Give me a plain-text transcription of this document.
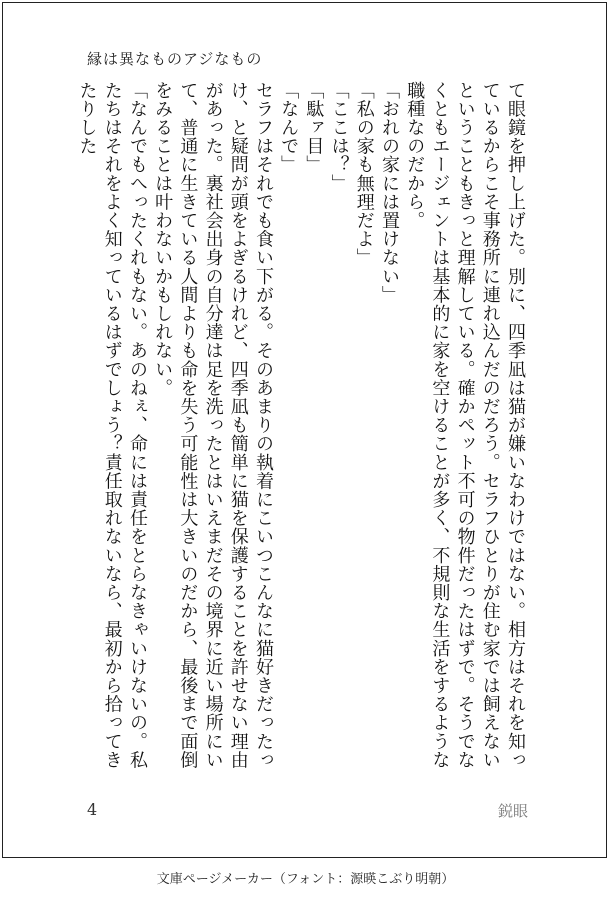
縁は異なものアジなもの

て眼鏡を押し上げた。別に、四季凪は猫が嫌いなわけではない。相方はそれを知っているからこそ事務所に連れ込んだのだろう。セラフひとりが住む家では飼えないということもきっと理解している。確かペット不可の物件だったはずで。そうでなくともエージェントは基本的に家を空けることが多く、不規則な生活をするような職種なのだから。

「おれの家には置けない」

「私の家も無理だよ」

「ここは？」

「駄ァ目」

「なんで」

セラフはそれでも食い下がる。そのあまりの執着にこいつこんなに猫好きだったっけ、と疑問が頭をよぎるけれど、四季凪も簡単に猫を保護することを許せない理由があった。裏社会出身の自分達は足を洗ったとはいえまだその境界に近い場所にいて、普通に生きている人間よりも命を失う可能性は大きいのだから、最後まで面倒をみることは叶わないかもしれない。

「なんでもへったくれもない。あのねぇ、命には責任をとらなきゃいけないの。私たちはそれをよく知っているはずでしょう？責任取れないなら、最初から拾ってきたりした

4	鋭眼
文庫ページメーカー（フォント：源暎こぶり明朝）
